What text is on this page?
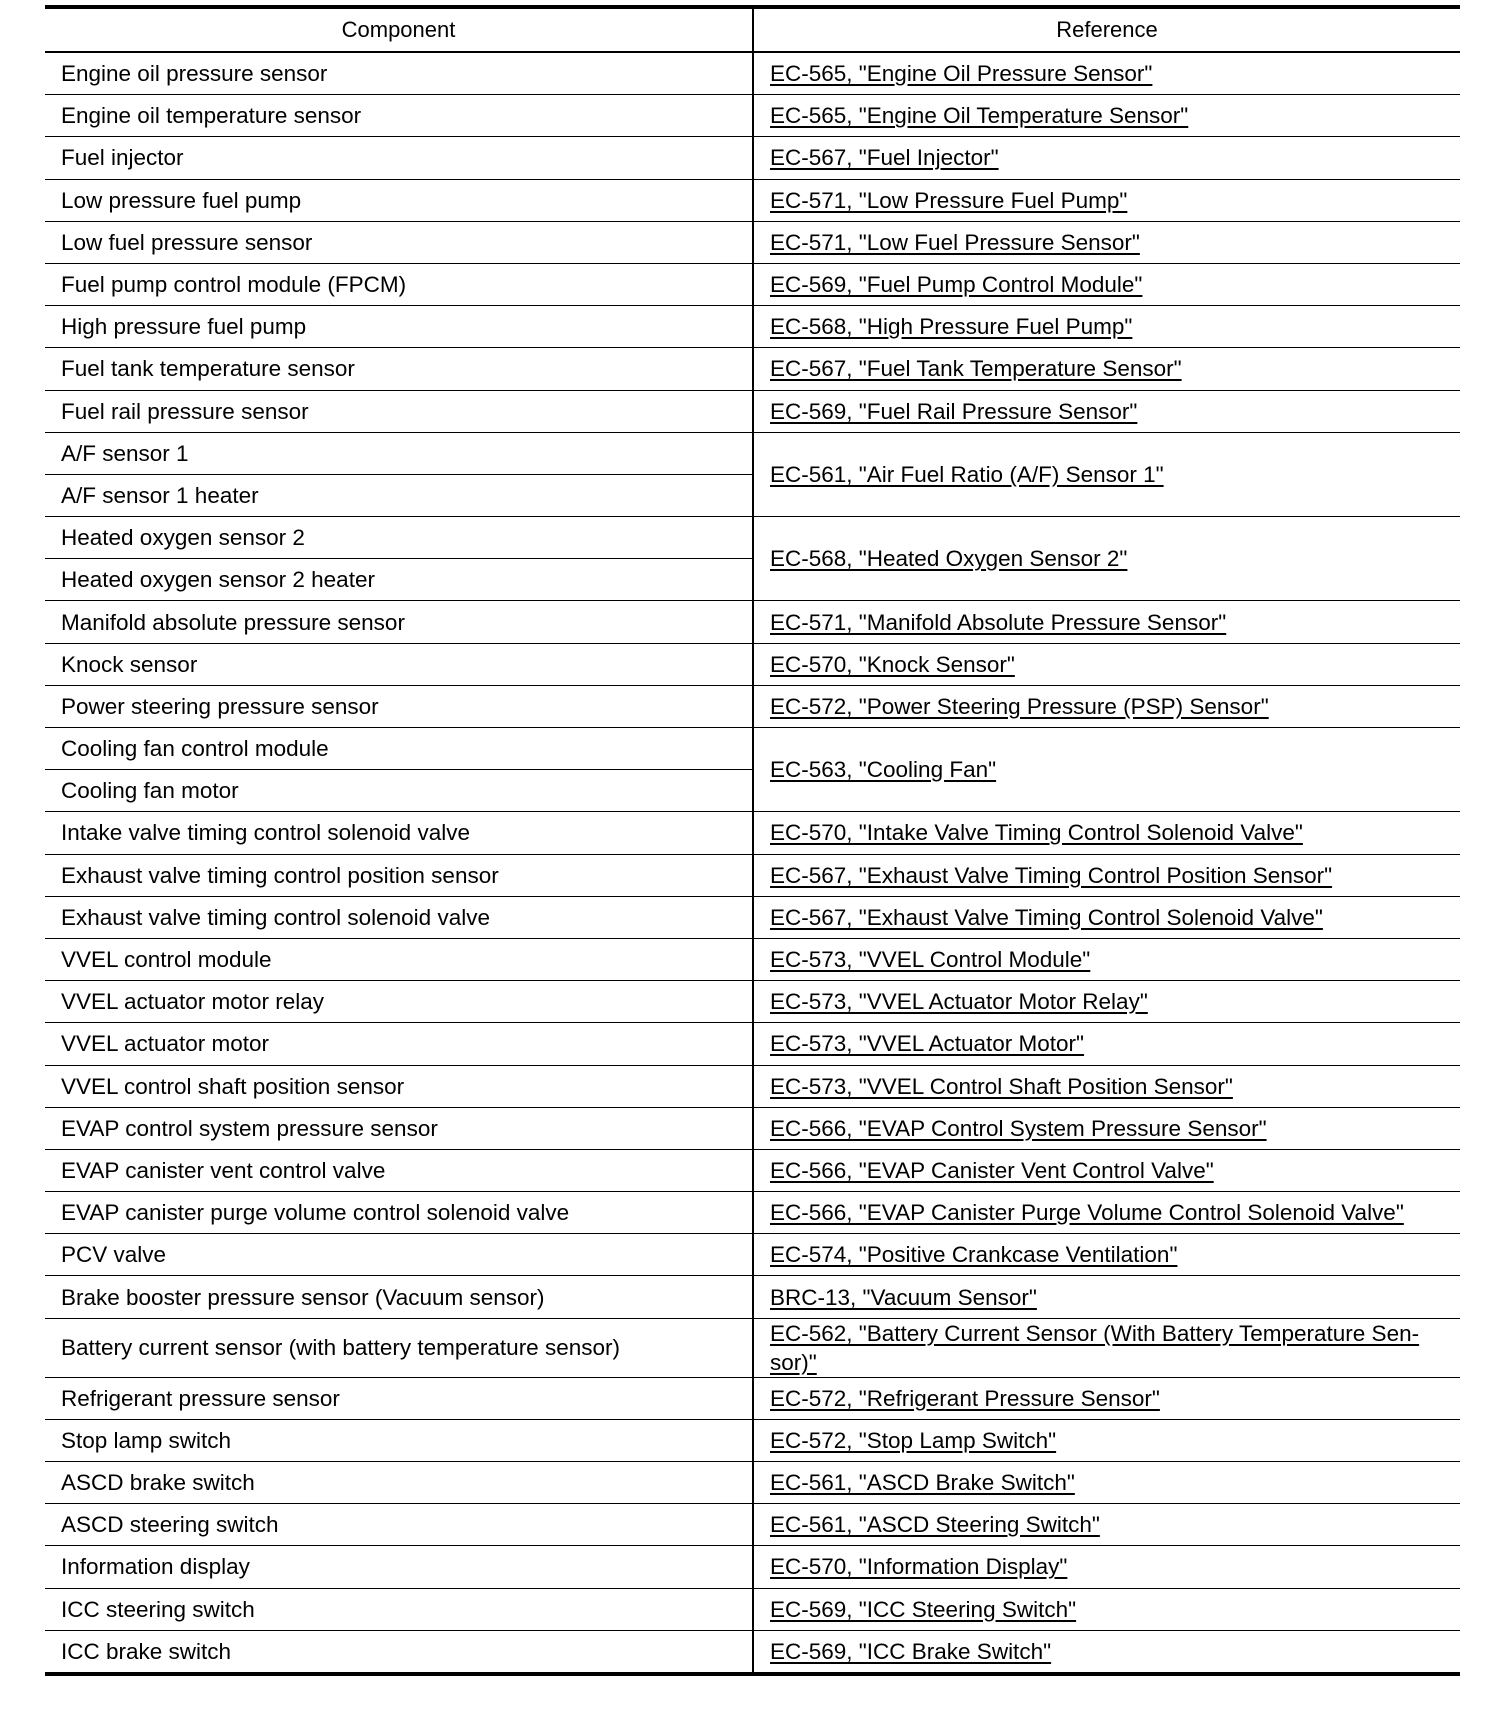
Component	Reference
Engine oil pressure sensor	EC-565, "Engine Oil Pressure Sensor"
Engine oil temperature sensor	EC-565, "Engine Oil Temperature Sensor"
Fuel injector	EC-567, "Fuel Injector"
Low pressure fuel pump	EC-571, "Low Pressure Fuel Pump"
Low fuel pressure sensor	EC-571, "Low Fuel Pressure Sensor"
Fuel pump control module (FPCM)	EC-569, "Fuel Pump Control Module"
High pressure fuel pump	EC-568, "High Pressure Fuel Pump"
Fuel tank temperature sensor	EC-567, "Fuel Tank Temperature Sensor"
Fuel rail pressure sensor	EC-569, "Fuel Rail Pressure Sensor"
A/F sensor 1	EC-561, "Air Fuel Ratio (A/F) Sensor 1"
A/F sensor 1 heater	
Heated oxygen sensor 2	EC-568, "Heated Oxygen Sensor 2"
Heated oxygen sensor 2 heater	
Manifold absolute pressure sensor	EC-571, "Manifold Absolute Pressure Sensor"
Knock sensor	EC-570, "Knock Sensor"
Power steering pressure sensor	EC-572, "Power Steering Pressure (PSP) Sensor"
Cooling fan control module	EC-563, "Cooling Fan"
Cooling fan motor	
Intake valve timing control solenoid valve	EC-570, "Intake Valve Timing Control Solenoid Valve"
Exhaust valve timing control position sensor	EC-567, "Exhaust Valve Timing Control Position Sensor"
Exhaust valve timing control solenoid valve	EC-567, "Exhaust Valve Timing Control Solenoid Valve"
VVEL control module	EC-573, "VVEL Control Module"
VVEL actuator motor relay	EC-573, "VVEL Actuator Motor Relay"
VVEL actuator motor	EC-573, "VVEL Actuator Motor"
VVEL control shaft position sensor	EC-573, "VVEL Control Shaft Position Sensor"
EVAP control system pressure sensor	EC-566, "EVAP Control System Pressure Sensor"
EVAP canister vent control valve	EC-566, "EVAP Canister Vent Control Valve"
EVAP canister purge volume control solenoid valve	EC-566, "EVAP Canister Purge Volume Control Solenoid Valve"
PCV valve	EC-574, "Positive Crankcase Ventilation"
Brake booster pressure sensor (Vacuum sensor)	BRC-13, "Vacuum Sensor"
Battery current sensor (with battery temperature sensor)	EC-562, "Battery Current Sensor (With Battery Temperature Sen-sor)"
Refrigerant pressure sensor	EC-572, "Refrigerant Pressure Sensor"
Stop lamp switch	EC-572, "Stop Lamp Switch"
ASCD brake switch	EC-561, "ASCD Brake Switch"
ASCD steering switch	EC-561, "ASCD Steering Switch"
Information display	EC-570, "Information Display"
ICC steering switch	EC-569, "ICC Steering Switch"
ICC brake switch	EC-569, "ICC Brake Switch"
